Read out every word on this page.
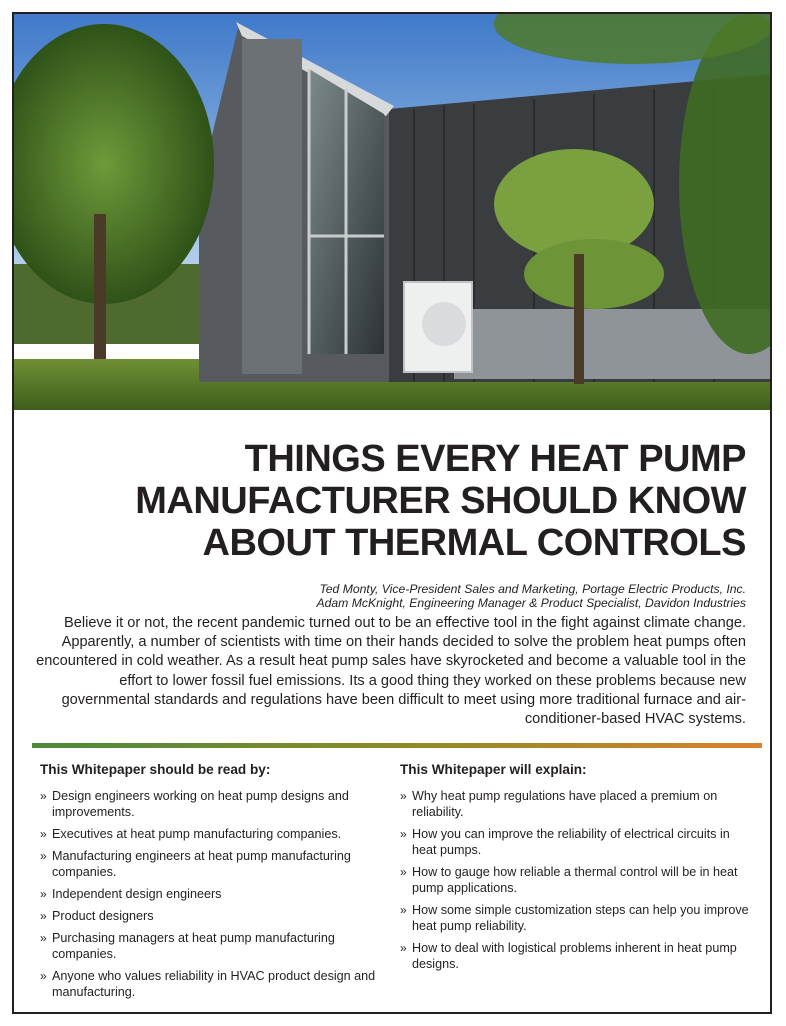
THINGS EVERY HEAT PUMP
MANUFACTURER SHOULD KNOW
ABOUT THERMAL CONTROLS
Ted Monty, Vice-President Sales and Marketing, Portage Electric Products, Inc.
Adam McKnight, Engineering Manager & Product Specialist, Davidon Industries

Believe it or not, the recent pandemic turned out to be an effective tool in the fight against climate change. Apparently, a number of scientists with time on their hands decided to solve the problem heat pumps often encountered in cold weather. As a result heat pump sales have skyrocketed and become a valuable tool in the effort to lower fossil fuel emissions. Its a good thing they worked on these problems because new governmental standards and regulations have been difficult to meet using more traditional furnace and air-conditioner-based HVAC systems.

This Whitepaper should be read by:
» Design engineers working on heat pump designs and improvements.
» Executives at heat pump manufacturing companies.
» Manufacturing engineers at heat pump manufacturing companies.
» Independent design engineers
» Product designers
» Purchasing managers at heat pump manufacturing companies.
» Anyone who values reliability in HVAC product design and manufacturing.
This Whitepaper will explain:
» Why heat pump regulations have placed a premium on reliability.
» How you can improve the reliability of electrical circuits in heat pumps.
» How to gauge how reliable a thermal control will be in heat pump applications.
» How some simple customization steps can help you improve heat pump reliability.
» How to deal with logistical problems inherent in heat pump designs.
